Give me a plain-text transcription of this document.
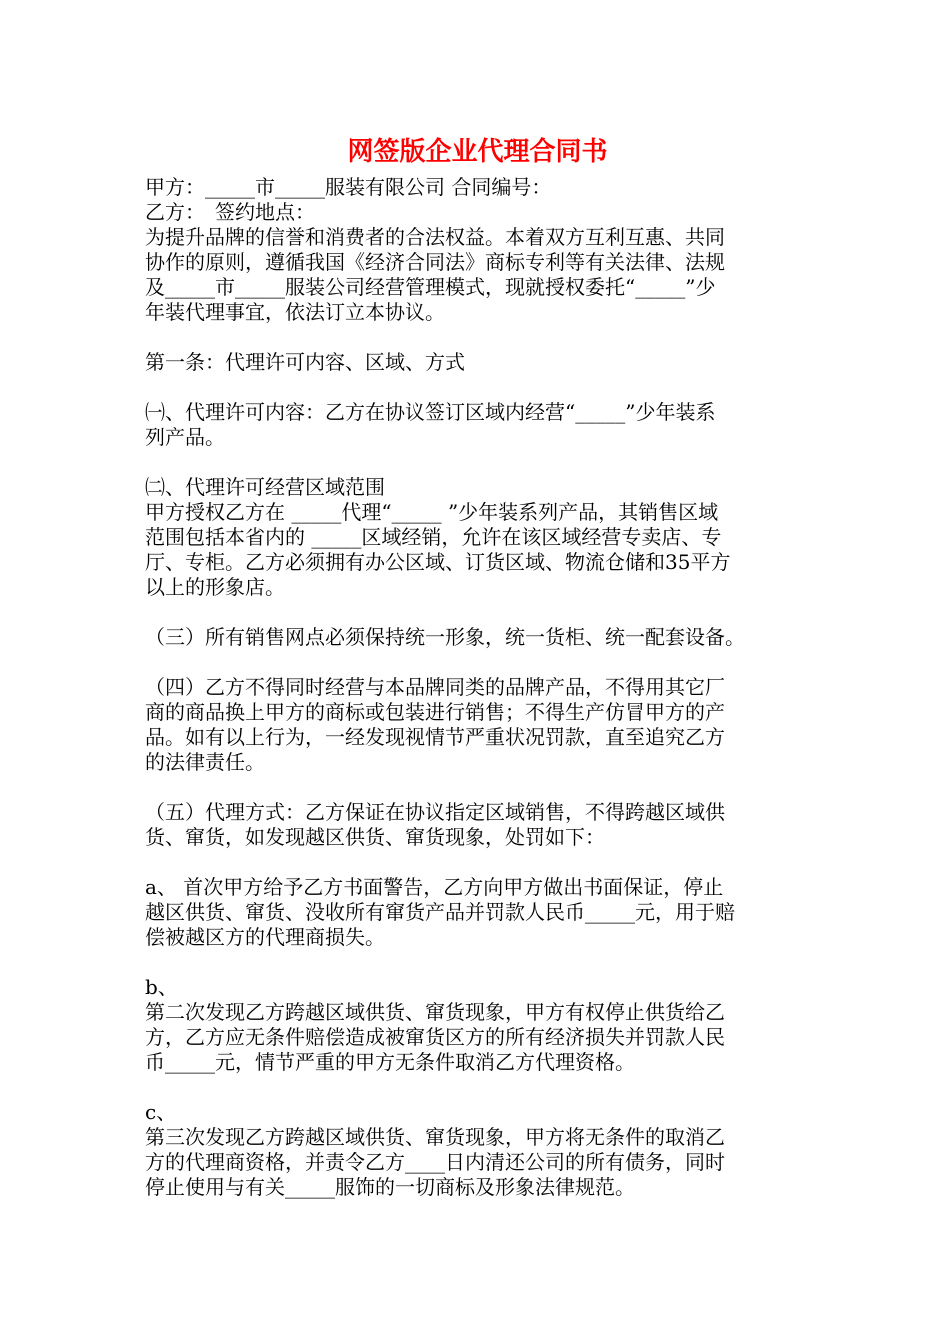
网签版企业代理合同书
甲方：_____市_____服装有限公司 合同编号：
乙方：　签约地点：
为提升品牌的信誉和消费者的合法权益。本着双方互利互惠、共同
协作的原则，遵循我国《经济合同法》商标专利等有关法律、法规
及_____市_____服装公司经营管理模式，现就授权委托“_____”少
年装代理事宜，依法订立本协议。
第一条：代理许可内容、区域、方式
㈠、代理许可内容：乙方在协议签订区域内经营“_____”少年装系
列产品。
㈡、代理许可经营区域范围
甲方授权乙方在 _____代理“_____ ”少年装系列产品，其销售区域
范围包括本省内的 _____区域经销，允许在该区域经营专卖店、专
厅、专柜。乙方必须拥有办公区域、订货区域、物流仓储和35平方
以上的形象店。
（三）所有销售网点必须保持统一形象，统一货柜、统一配套设备。
（四）乙方不得同时经营与本品牌同类的品牌产品，不得用其它厂
商的商品换上甲方的商标或包装进行销售；不得生产仿冒甲方的产
品。如有以上行为，一经发现视情节严重状况罚款，直至追究乙方
的法律责任。
（五）代理方式：乙方保证在协议指定区域销售，不得跨越区域供
货、窜货，如发现越区供货、窜货现象，处罚如下：
a、 首次甲方给予乙方书面警告，乙方向甲方做出书面保证，停止
越区供货、窜货、没收所有窜货产品并罚款人民币_____元，用于赔
偿被越区方的代理商损失。
b、
第二次发现乙方跨越区域供货、窜货现象，甲方有权停止供货给乙
方，乙方应无条件赔偿造成被窜货区方的所有经济损失并罚款人民
币_____元，情节严重的甲方无条件取消乙方代理资格。
c、
第三次发现乙方跨越区域供货、窜货现象，甲方将无条件的取消乙
方的代理商资格，并责令乙方____日内清还公司的所有债务，同时
停止使用与有关_____服饰的一切商标及形象法律规范。
